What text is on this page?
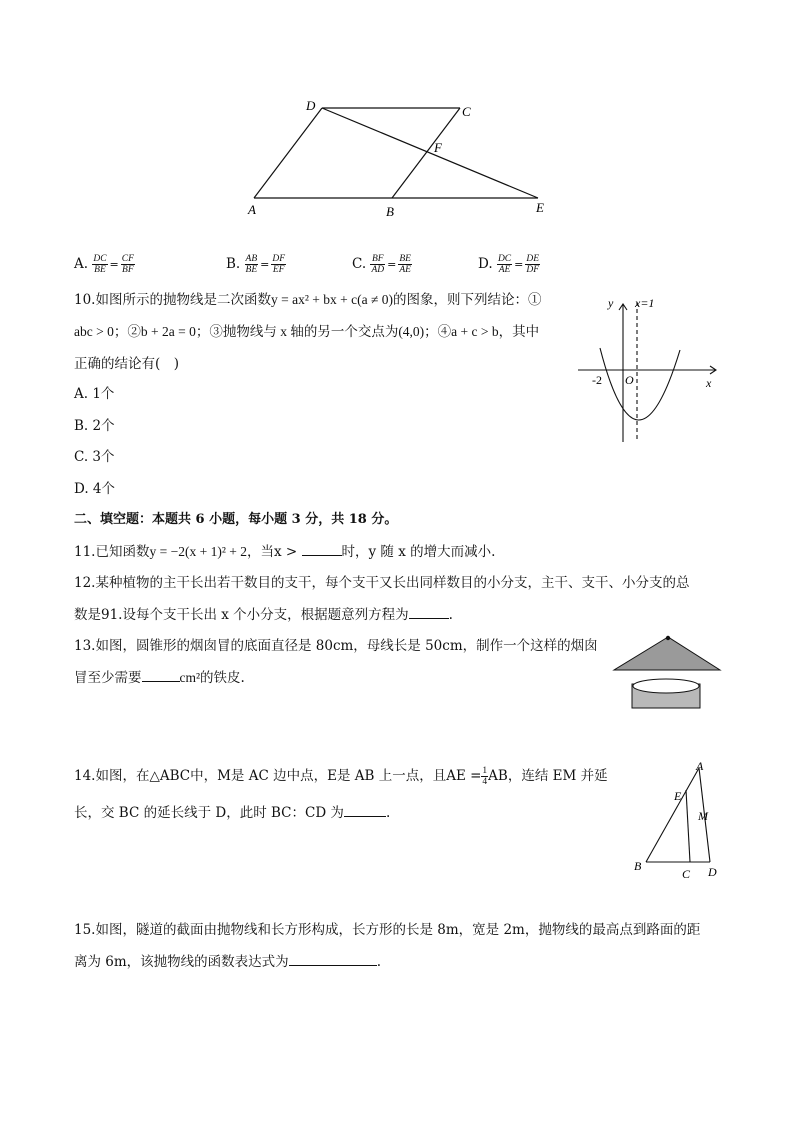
A	B
C
D
E
F
A. $\frac{DC}{BE} = \frac{CF}{BF}$	B. $\frac{AB}{BE} = \frac{DF}{EF}$	C. $\frac{BF}{AD} = \frac{BE}{AE}$	D. $\frac{DC}{AE} = \frac{DE}{DF}$
10.如图所示的抛物线是二次函数y = ax² + bx + c(a ≠ 0)的图象，则下列结论：①
abc > 0；②b + 2a = 0；③抛物线与 x 轴的另一个交点为(4,0)；④a + c > b，其中
正确的结论有(　)
A. 1个
B. 2个
C. 3个
D. 4个
y x=1
-2 O	x
二、填空题：本题共 6 小题，每小题 3 分，共 18 分。
11.已知函数y = −2(x + 1)² + 2，当x >	时，y 随 x 的增大而减小.
12.某种植物的主干长出若干数目的支干，每个支干又长出同样数目的小分支，主干、支干、小分支的总
数是91.设每个支干长出 x 个小分支，根据题意列方程为	.
13.如图，圆锥形的烟囱冒的底面直径是 80cm，母线长是 50cm，制作一个这样的烟囱
冒至少需要	cm²的铁皮.
14.如图，在△ABC中，M是 AC 边中点，E是 AB 上一点，且AE = $\frac{1}{4}$ AB，连结 EM 并延
长，交 BC 的延长线于 D，此时 BC：CD 为	.
A
E
M
B
C D
15.如图，隧道的截面由抛物线和长方形构成，长方形的长是 8m，宽是 2m，抛物线的最高点到路面的距
离为 6m，该抛物线的函数表达式为	.
